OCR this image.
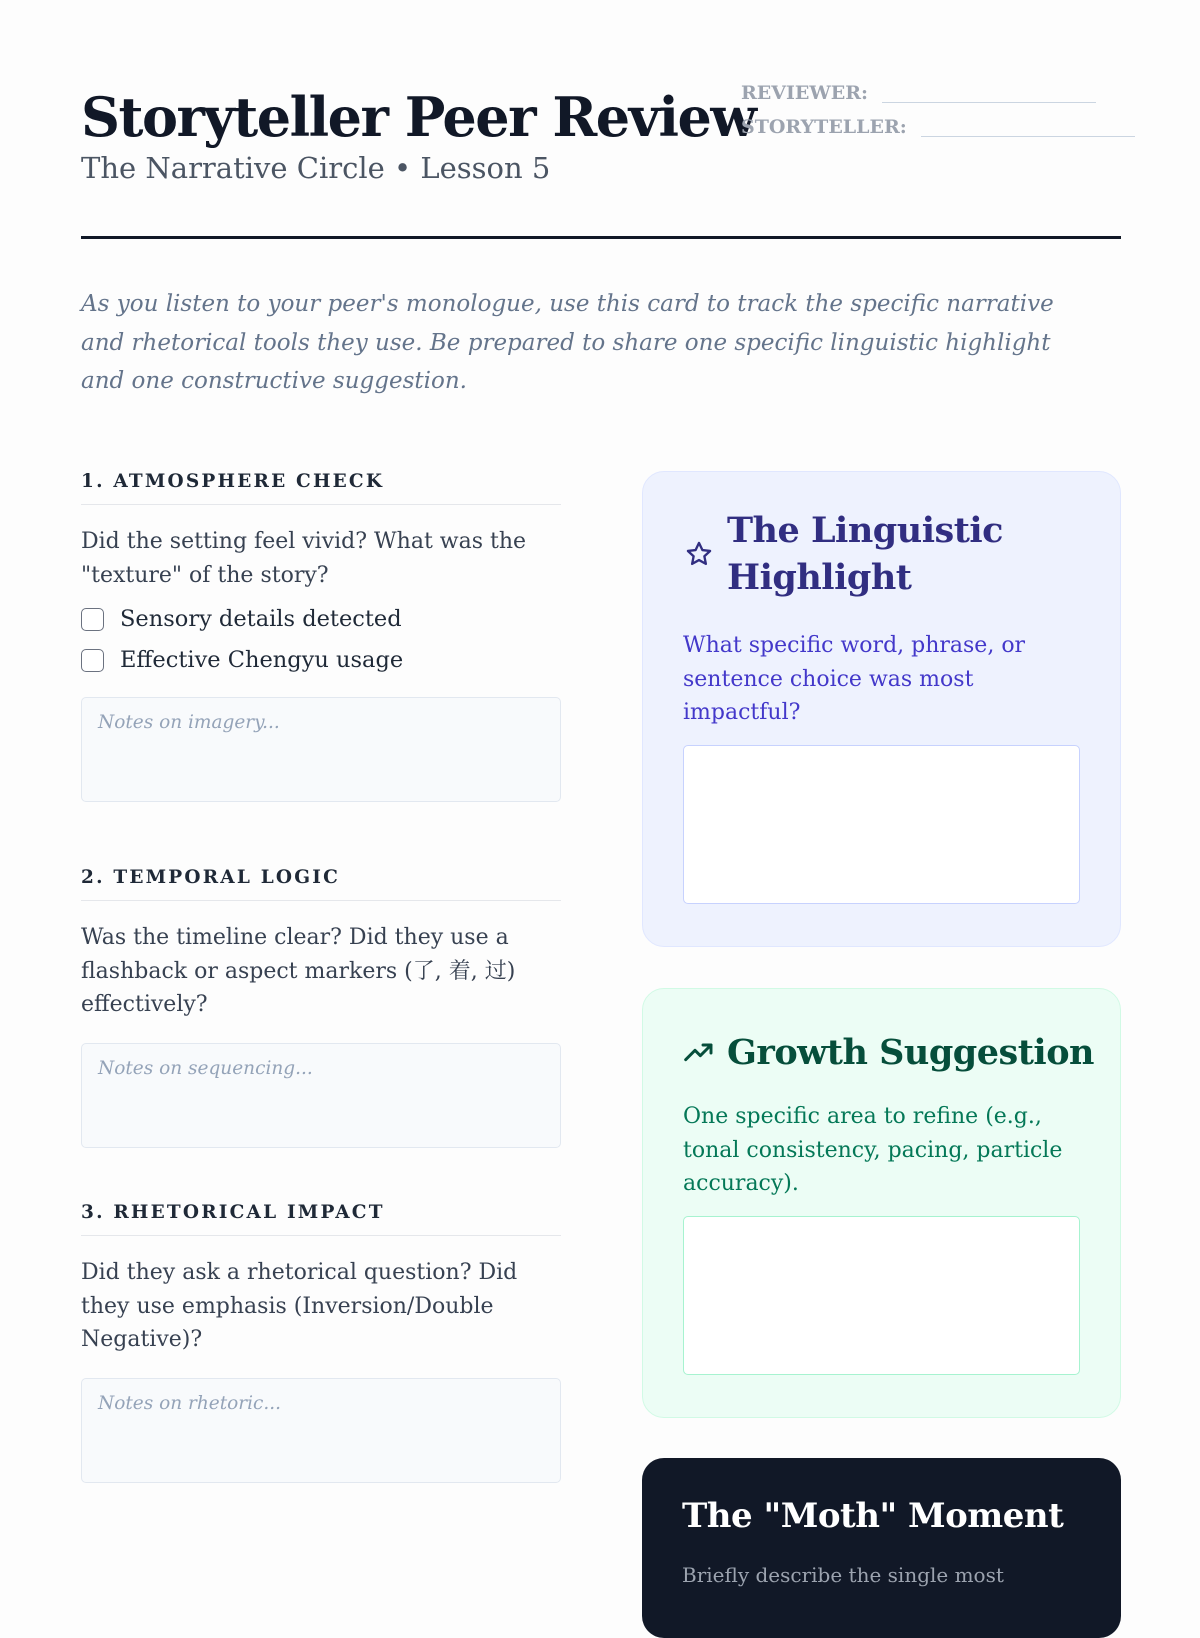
Storyteller Peer Review
The Narrative Circle • Lesson 5
REVIEWER:
STORYTELLER:

As you listen to your peer's monologue, use this card to track the specific narrative and rhetorical tools they use. Be prepared to share one specific linguistic highlight and one constructive suggestion.

1. ATMOSPHERE CHECK

Did the setting feel vivid? What was the "texture" of the story?

Sensory details detected
Effective Chengyu usage
Notes on imagery...
2. TEMPORAL LOGIC

Was the timeline clear? Did they use a flashback or aspect markers (了, 着, 过) effectively?

Notes on sequencing...
3. RHETORICAL IMPACT

Did they ask a rhetorical question? Did they use emphasis (Inversion/Double Negative)?

Notes on rhetoric...
The Linguistic Highlight

What specific word, phrase, or sentence choice was most impactful?

Growth Suggestion

One specific area to refine (e.g., tonal consistency, pacing, particle accuracy).

The "Moth" Moment

Briefly describe the single most
